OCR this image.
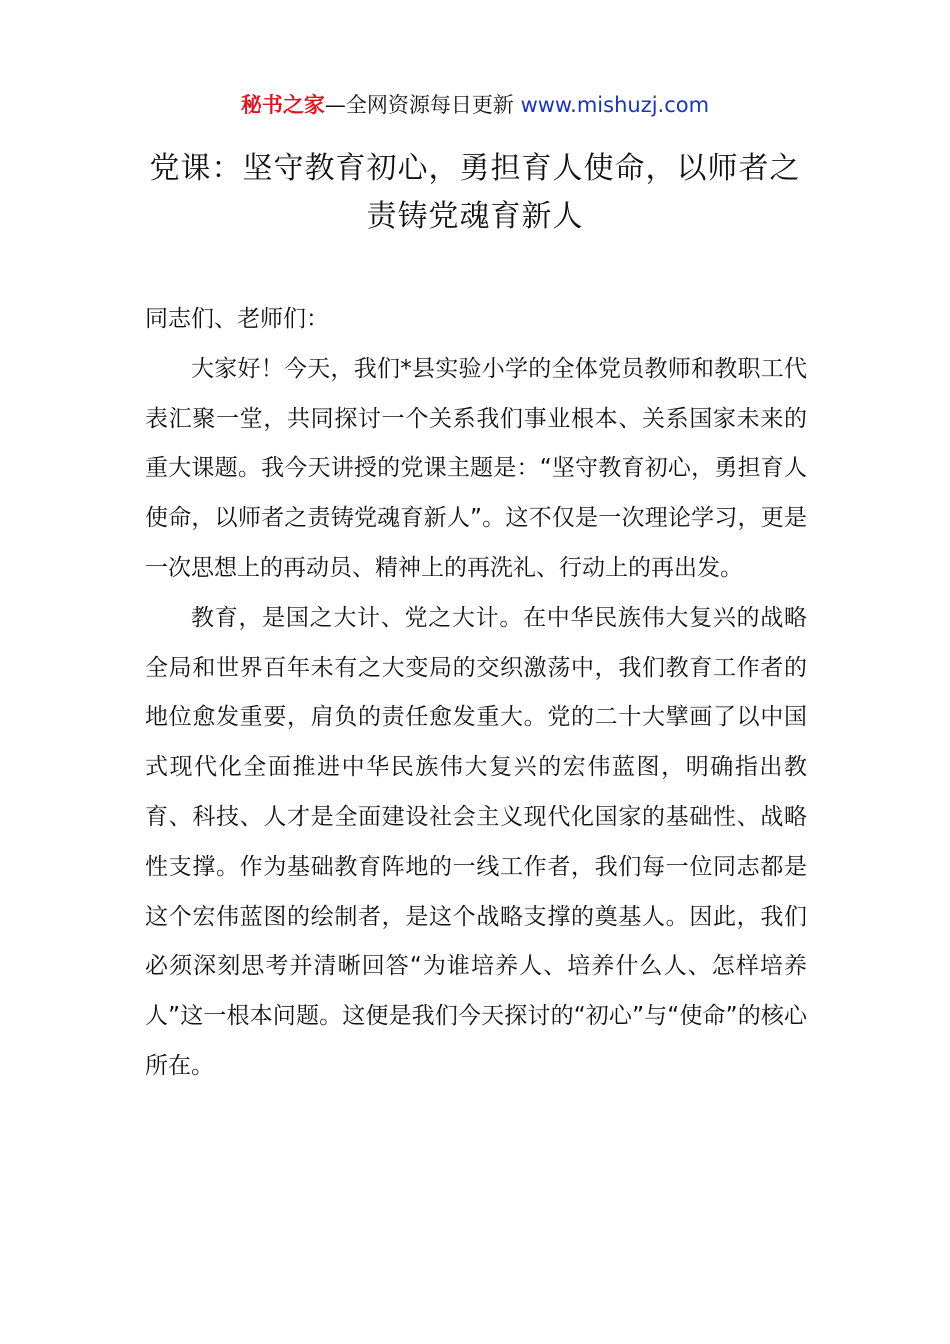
秘书之家—全网资源每日更新 www.mishuzj.com
党课：坚守教育初心，勇担育人使命，以师者之责铸党魂育新人

同志们、老师们：

大家好！今天，我们*县实验小学的全体党员教师和教职工代表汇聚一堂，共同探讨一个关系我们事业根本、关系国家未来的重大课题。我今天讲授的党课主题是：“坚守教育初心，勇担育人使命，以师者之责铸党魂育新人”。这不仅是一次理论学习，更是一次思想上的再动员、精神上的再洗礼、行动上的再出发。

教育，是国之大计、党之大计。在中华民族伟大复兴的战略全局和世界百年未有之大变局的交织激荡中，我们教育工作者的地位愈发重要，肩负的责任愈发重大。党的二十大擘画了以中国式现代化全面推进中华民族伟大复兴的宏伟蓝图，明确指出教育、科技、人才是全面建设社会主义现代化国家的基础性、战略性支撑。作为基础教育阵地的一线工作者，我们每一位同志都是这个宏伟蓝图的绘制者，是这个战略支撑的奠基人。因此，我们必须深刻思考并清晰回答“为谁培养人、培养什么人、怎样培养人”这一根本问题。这便是我们今天探讨的“初心”与“使命”的核心所在。
